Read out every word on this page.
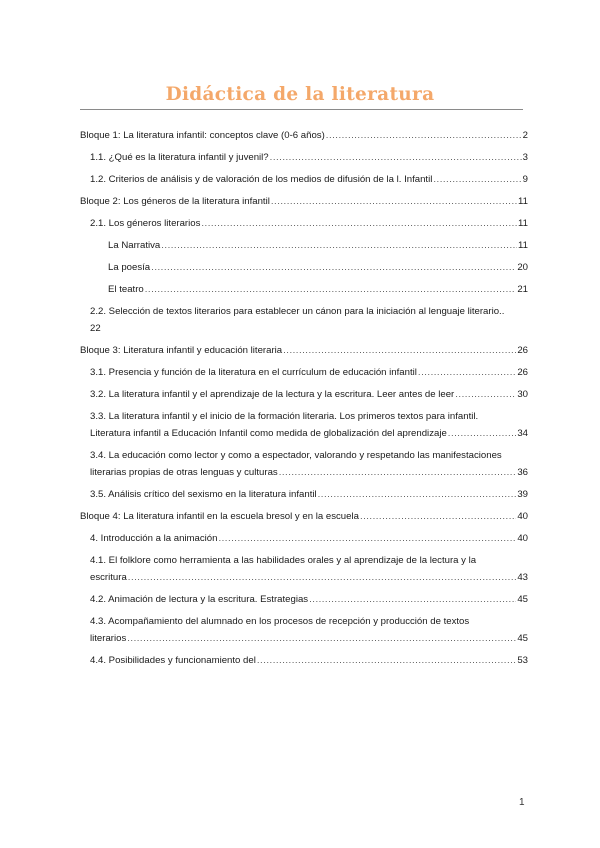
Didáctica de la literatura
Bloque 1: La literatura infantil: conceptos clave (0-6 años) .....	2
1.1. ¿Qué es la literatura infantil y juvenil? .....	3
1.2. Criterios de análisis y de valoración de los medios de difusión de la l. Infantil .....	9
Bloque 2: Los géneros de la literatura infantil .....	11
2.1. Los géneros literarios .....	11
La Narrativa .....	11
La poesía .....	20
El teatro .....	21
2.2. Selección de textos literarios para establecer un cánon para la iniciación al lenguaje literario..
22
Bloque 3: Literatura infantil y educación literaria .....	26
3.1. Presencia y función de la literatura en el currículum de educación infantil .....	26
3.2. La literatura infantil y el aprendizaje de la lectura y la escritura. Leer antes de leer .....	30
3.3. La literatura infantil y el inicio de la formación literaria. Los primeros textos para infantil.
Literatura infantil a Educación Infantil como medida de globalización del aprendizaje .....	34
3.4. La educación como lector y como a espectador, valorando y respetando las manifestaciones
literarias propias de otras lenguas y culturas .....	36
3.5. Análisis crítico del sexismo en la literatura infantil .....	39
Bloque 4: La literatura infantil en la escuela bresol y en la escuela .....	40
4. Introducción a la animación .....	40
4.1. El folklore como herramienta a las habilidades orales y al aprendizaje de la lectura y la
escritura .....	43
4.2. Animación de lectura y la escritura. Estrategias .....	45
4.3. Acompañamiento del alumnado en los procesos de recepción y producción de textos
literarios .....	45
4.4. Posibilidades y funcionamiento del .....	53
1
